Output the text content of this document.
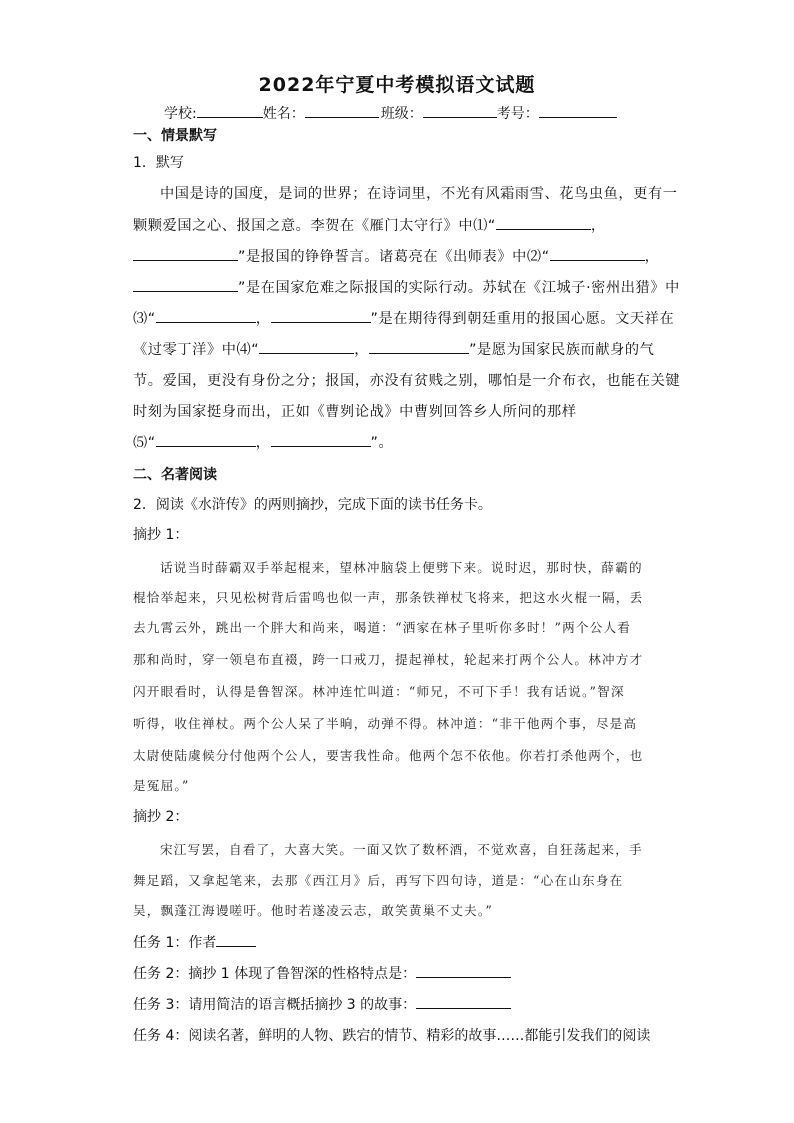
2022年宁夏中考模拟语文试题
学校:	姓名：	班级：	考号：
一、情景默写
1．默写
中国是诗的国度，是词的世界；在诗词里，不光有风霜雨雪、花鸟虫鱼，更有一
颗颗爱国之心、报国之意。李贺在《雁门太守行》中⑴“	，
”是报国的铮铮誓言。诸葛亮在《出师表》中⑵“	，
”是在国家危难之际报国的实际行动。苏轼在《江城子·密州出猎》中
⑶“	，	”是在期待得到朝廷重用的报国心愿。文天祥在
《过零丁洋》中⑷“	，	”是愿为国家民族而献身的气
节。爱国，更没有身份之分；报国，亦没有贫贱之别，哪怕是一介布衣，也能在关键
时刻为国家挺身而出，正如《曹刿论战》中曹刿回答乡人所问的那样
⑸“	，	”。
二、名著阅读
2．阅读《水浒传》的两则摘抄，完成下面的读书任务卡。
摘抄 1：
话说当时薛霸双手举起棍来，望林冲脑袋上便劈下来。说时迟，那时快，薛霸的
棍恰举起来，只见松树背后雷鸣也似一声，那条铁禅杖飞将来，把这水火棍一隔，丢
去九霄云外，跳出一个胖大和尚来，喝道：“洒家在林子里听你多时！”两个公人看
那和尚时，穿一领皂布直裰，跨一口戒刀，提起禅杖，轮起来打两个公人。林冲方才
闪开眼看时，认得是鲁智深。林冲连忙叫道：“师兄，不可下手！我有话说。”智深
听得，收住禅杖。两个公人呆了半晌，动弹不得。林冲道：“非干他两个事，尽是高
太尉使陆虞候分付他两个公人，要害我性命。他两个怎不依他。你若打杀他两个，也
是冤屈。”
摘抄 2：
宋江写罢，自看了，大喜大笑。一面又饮了数杯酒，不觉欢喜，自狂荡起来，手
舞足蹈，又拿起笔来，去那《西江月》后，再写下四句诗，道是：“心在山东身在
吴，飘蓬江海谩嗟吁。他时若遂凌云志，敢笑黄巢不丈夫。”
任务 1：作者
任务 2：摘抄 1 体现了鲁智深的性格特点是：
任务 3：请用简洁的语言概括摘抄 3 的故事：
任务 4：阅读名著，鲜明的人物、跌宕的情节、精彩的故事……都能引发我们的阅读
